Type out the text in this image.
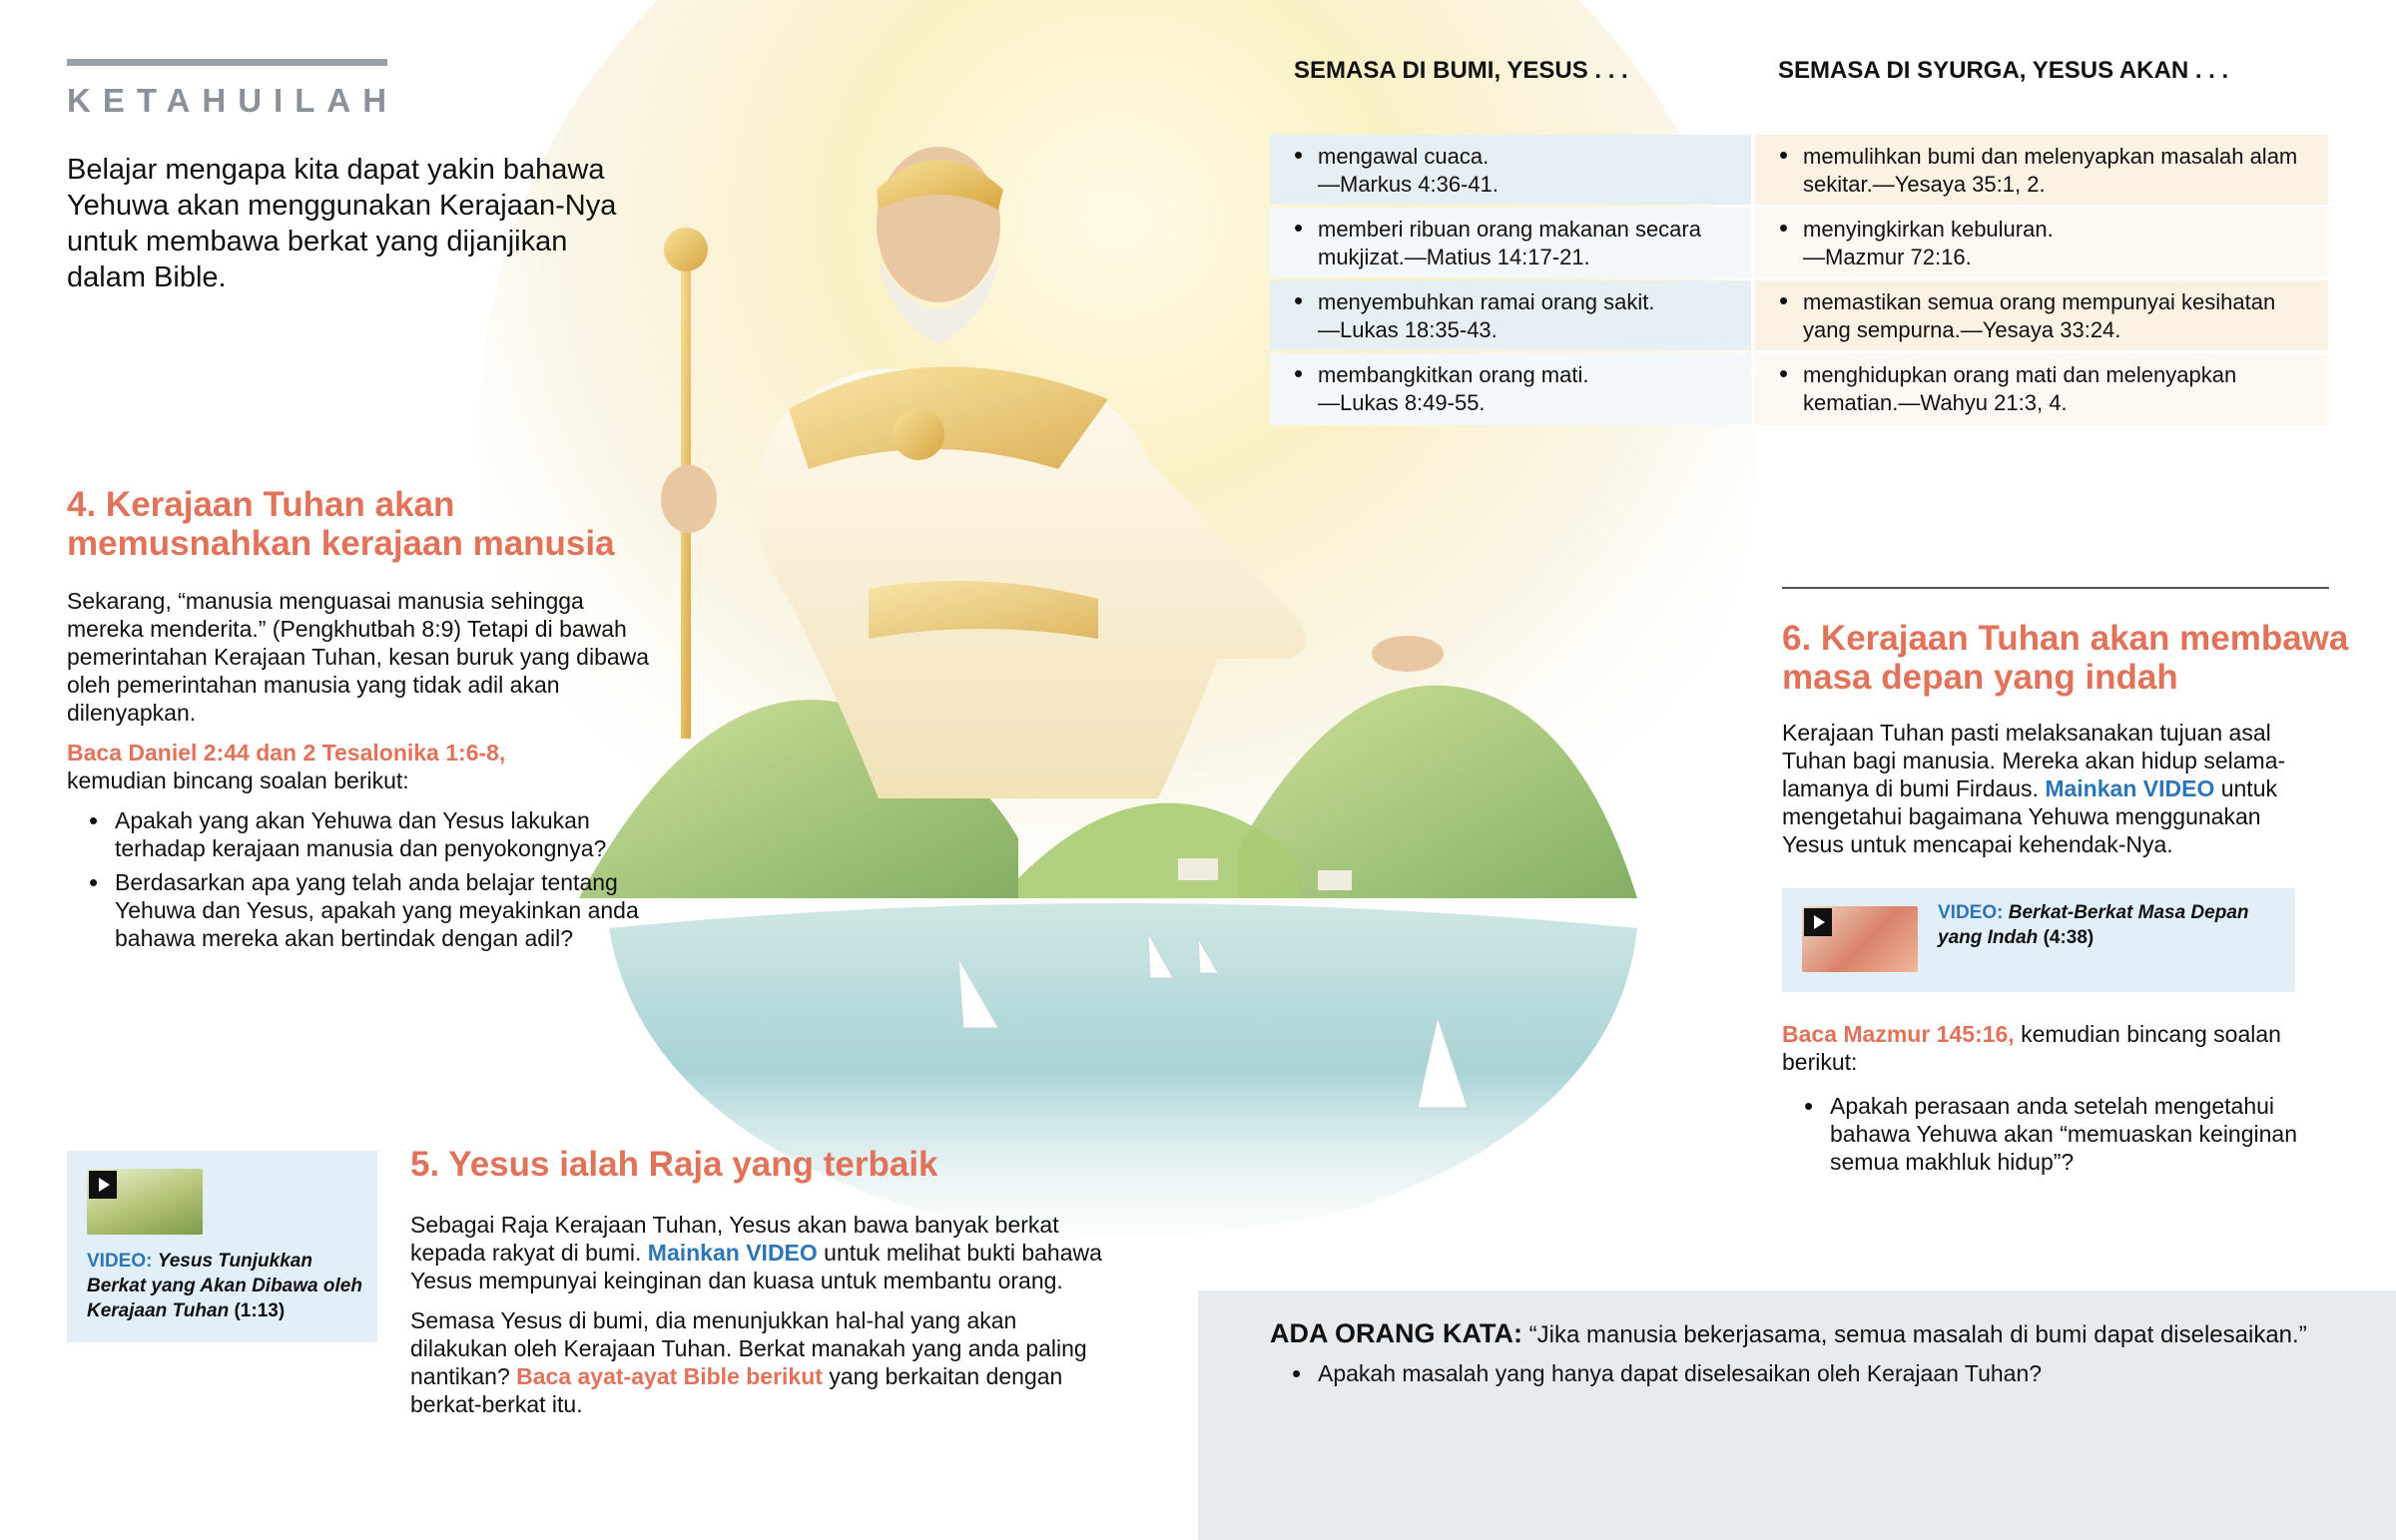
KETAHUILAH
Belajar mengapa kita dapat yakin bahawa Yehuwa akan menggunakan Kerajaan-Nya untuk membawa berkat yang dijanjikan dalam Bible.
4. Kerajaan Tuhan akan memusnahkan kerajaan manusia

Sekarang, “manusia menguasai manusia sehingga mereka menderita.” (Pengkhutbah 8:9) Tetapi di bawah pemerintahan Kerajaan Tuhan, kesan buruk yang dibawa oleh pemerintahan manusia yang tidak adil akan dilenyapkan.

Baca Daniel 2:44 dan 2 Tesalonika 1:6-8,
kemudian bincang soalan berikut:

• Apakah yang akan Yehuwa dan Yesus lakukan terhadap kerajaan manusia dan penyokongnya?
• Berdasarkan apa yang telah anda belajar tentang Yehuwa dan Yesus, apakah yang meyakinkan anda bahawa mereka akan bertindak dengan adil?
SEMASA DI BUMI, YESUS . . .	SEMASA DI SYURGA, YESUS AKAN . . .
• mengawal cuaca.
—Markus 4:36-41.
• memberi ribuan orang makanan secara mukjizat.—Matius 14:17-21.
• menyembuhkan ramai orang sakit.
—Lukas 18:35-43.
• membangkitkan orang mati.
—Lukas 8:49-55.
• memulihkan bumi dan melenyapkan masalah alam sekitar.—Yesaya 35:1, 2.
• menyingkirkan kebuluran.
—Mazmur 72:16.
• memastikan semua orang mempunyai kesihatan yang sempurna.—Yesaya 33:24.
• menghidupkan orang mati dan melenyapkan kematian.—Wahyu 21:3, 4.
6. Kerajaan Tuhan akan membawa masa depan yang indah

Kerajaan Tuhan pasti melaksanakan tujuan asal Tuhan bagi manusia. Mereka akan hidup selama-lamanya di bumi Firdaus. Mainkan VIDEO untuk mengetahui bagaimana Yehuwa menggunakan Yesus untuk mencapai kehendak-Nya.

VIDEO: Berkat-Berkat Masa Depan yang Indah (4:38)
Baca Mazmur 145:16, kemudian bincang soalan berikut:
• Apakah perasaan anda setelah mengetahui bahawa Yehuwa akan “memuaskan keinginan semua makhluk hidup”?
VIDEO: Yesus Tunjukkan Berkat yang Akan Dibawa oleh Kerajaan Tuhan (1:13)
5. Yesus ialah Raja yang terbaik

Sebagai Raja Kerajaan Tuhan, Yesus akan bawa banyak berkat kepada rakyat di bumi. Mainkan VIDEO untuk melihat bukti bahawa Yesus mempunyai keinginan dan kuasa untuk membantu orang.

Semasa Yesus di bumi, dia menunjukkan hal-hal yang akan dilakukan oleh Kerajaan Tuhan. Berkat manakah yang anda paling nantikan? Baca ayat-ayat Bible berikut yang berkaitan dengan berkat-berkat itu.

ADA ORANG KATA: “Jika manusia bekerjasama, semua masalah di bumi dapat diselesaikan.”
• Apakah masalah yang hanya dapat diselesaikan oleh Kerajaan Tuhan?
